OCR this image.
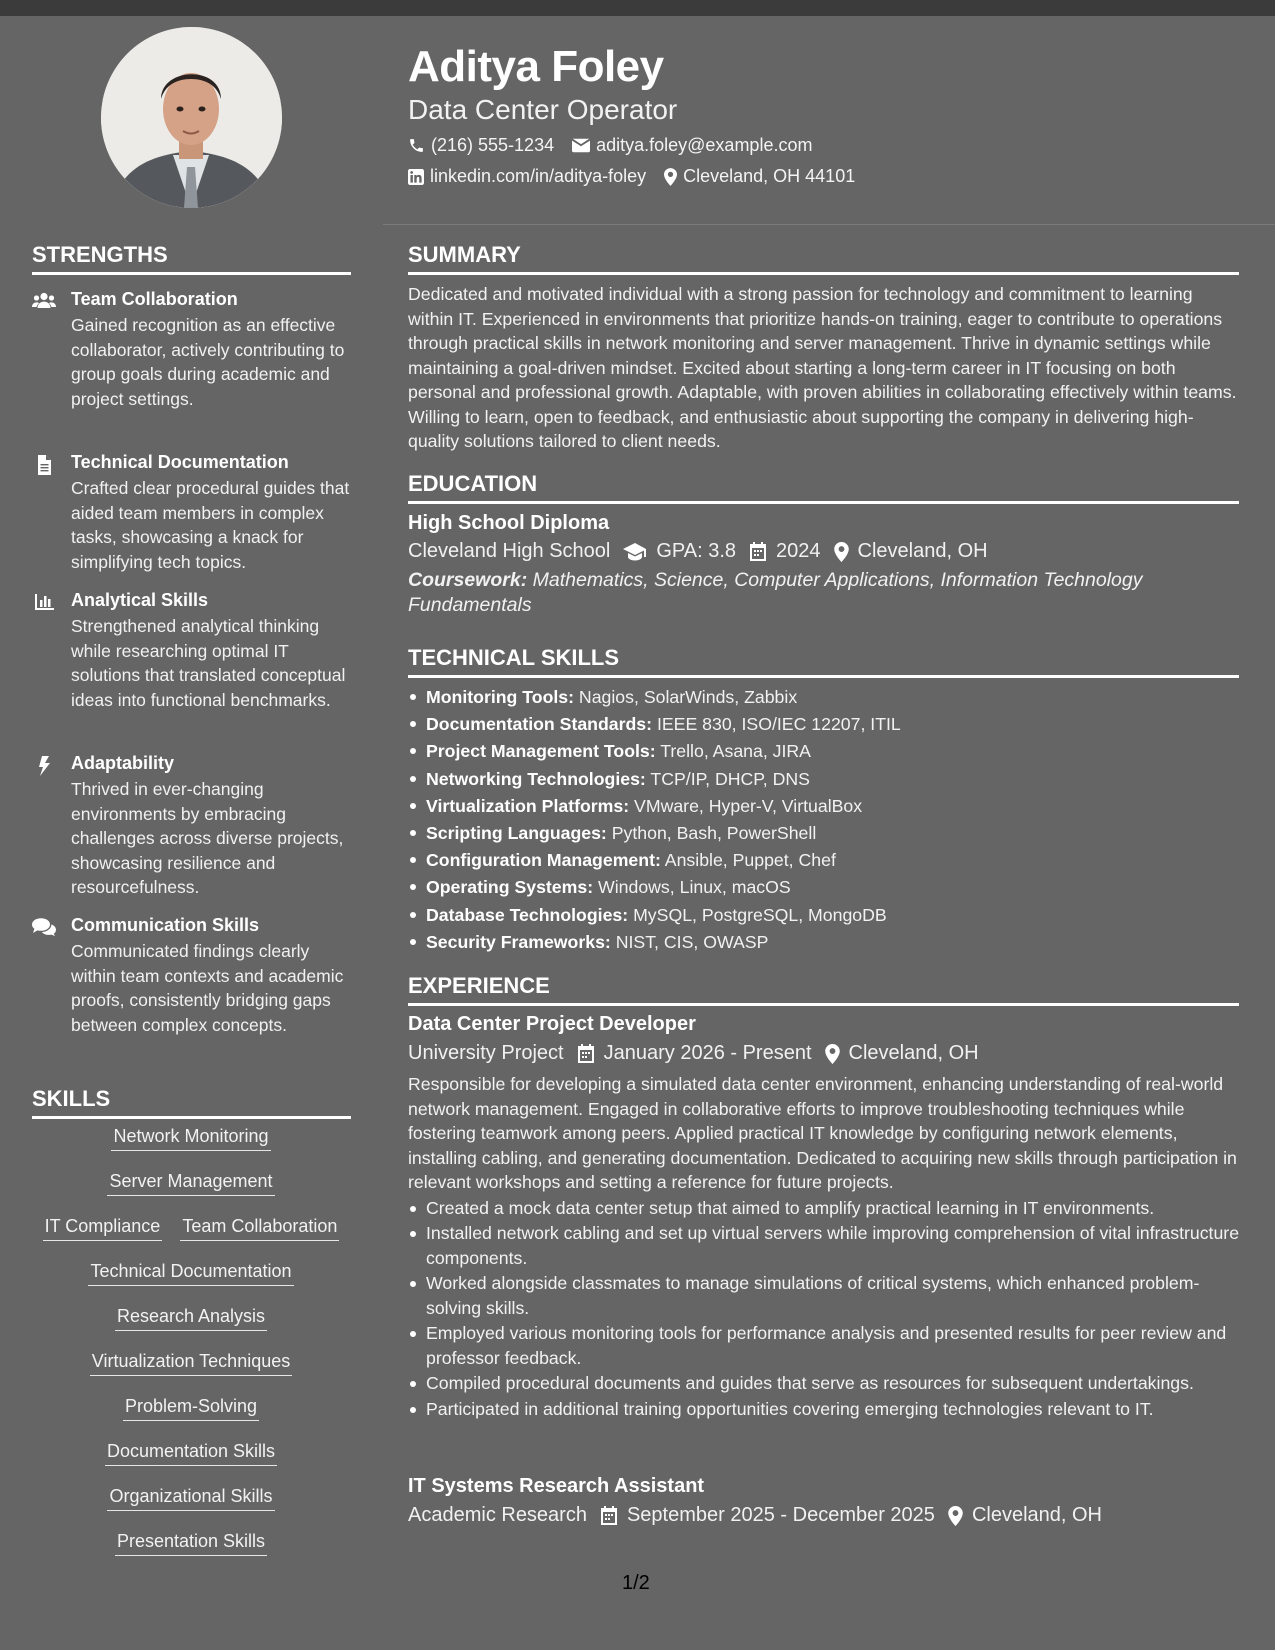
Aditya Foley
Data Center Operator
(216) 555-1234 aditya.foley@example.com
linkedin.com/in/aditya-foley Cleveland, OH 44101
STRENGTHS
Team Collaboration
Gained recognition as an effective collaborator, actively contributing to group goals during academic and project settings.
Technical Documentation
Crafted clear procedural guides that aided team members in complex tasks, showcasing a knack for simplifying tech topics.
Analytical Skills
Strengthened analytical thinking while researching optimal IT solutions that translated conceptual ideas into functional benchmarks.
Adaptability
Thrived in ever-changing environments by embracing challenges across diverse projects, showcasing resilience and resourcefulness.
Communication Skills
Communicated findings clearly within team contexts and academic proofs, consistently bridging gaps between complex concepts.
SKILLS
Network Monitoring
Server Management
IT Compliance Team Collaboration
Technical Documentation
Research Analysis
Virtualization Techniques
Problem-Solving
Documentation Skills
Organizational Skills
Presentation Skills
SUMMARY

Dedicated and motivated individual with a strong passion for technology and commitment to learning within IT. Experienced in environments that prioritize hands-on training, eager to contribute to operations through practical skills in network monitoring and server management. Thrive in dynamic settings while maintaining a goal-driven mindset. Excited about starting a long-term career in IT focusing on both personal and professional growth. Adaptable, with proven abilities in collaborating effectively within teams. Willing to learn, open to feedback, and enthusiastic about supporting the company in delivering high-quality solutions tailored to client needs.

EDUCATION
High School Diploma
Cleveland High School GPA: 3.8 2024 Cleveland, OH
Coursework: Mathematics, Science, Computer Applications, Information Technology Fundamentals
TECHNICAL SKILLS
Monitoring Tools: Nagios, SolarWinds, Zabbix
Documentation Standards: IEEE 830, ISO/IEC 12207, ITIL
Project Management Tools: Trello, Asana, JIRA
Networking Technologies: TCP/IP, DHCP, DNS
Virtualization Platforms: VMware, Hyper-V, VirtualBox
Scripting Languages: Python, Bash, PowerShell
Configuration Management: Ansible, Puppet, Chef
Operating Systems: Windows, Linux, macOS
Database Technologies: MySQL, PostgreSQL, MongoDB
Security Frameworks: NIST, CIS, OWASP
EXPERIENCE
Data Center Project Developer
University Project January 2026 - Present Cleveland, OH

Responsible for developing a simulated data center environment, enhancing understanding of real-world network management. Engaged in collaborative efforts to improve troubleshooting techniques while fostering teamwork among peers. Applied practical IT knowledge by configuring network elements, installing cabling, and generating documentation. Dedicated to acquiring new skills through participation in relevant workshops and setting a reference for future projects.

Created a mock data center setup that aimed to amplify practical learning in IT environments.
Installed network cabling and set up virtual servers while improving comprehension of vital infrastructure components.
Worked alongside classmates to manage simulations of critical systems, which enhanced problem-solving skills.
Employed various monitoring tools for performance analysis and presented results for peer review and professor feedback.
Compiled procedural documents and guides that serve as resources for subsequent undertakings.
Participated in additional training opportunities covering emerging technologies relevant to IT.
IT Systems Research Assistant
Academic Research September 2025 - December 2025 Cleveland, OH
1/2
